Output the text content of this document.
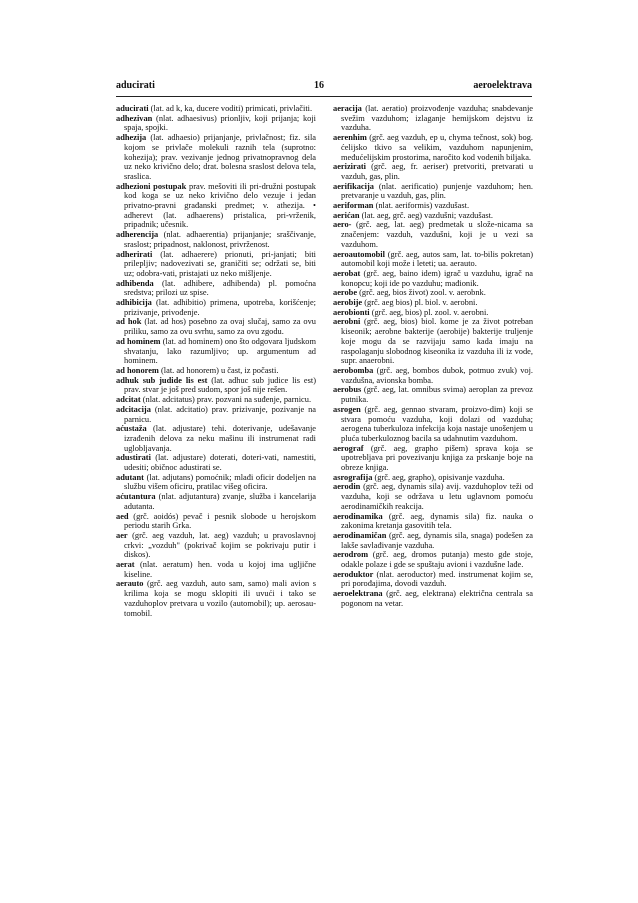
aducirati	16	aeroelektrava

aducirati (lat. ad k, ka, ducere voditi) primicati, privlačiti.

adhezivan (nlat. adhaesivus) prionljiv, koji prijanja; koji spaja, spojki.

adhezija (lat. adhaesio) prijanjanje, privlačnost; fiz. sila kojom se privlače molekuli raznih tela (suprotno: kohezija); prav. vezivanje jednog privatnopravnog dela uz neko krivično delo; drat. bolesna sraslost delova tela, sraslica.

adhezioni postupak prav. mešoviti ili pri-družni postupak kod koga se uz neko krivično delo vezuje i jedan privatno-pravni građanski predmet; v. athezija. • adherevt (lat. adhaerens) pristalica, pri-vrženik, pripadnik; učesnik.

adherencija (nlat. adhaerentia) prijanjanje; sraščivanje, sraslost; pripadnost, naklonost, privrženost.

adherirati (lat. adhaerere) prionuti, pri-janjati; biti prilepljiv; nadovezivati se, graničiti se; održati se, biti uz; odobra-vati, pristajati uz neko mišljenje.

adhibenda (lat. adhibere, adhibenda) pl. pomoćna sredstva; prilozi uz spise.

adhibicija (lat. adhibitio) primena, upotreba, korišćenje; prizivanje, privođenje.

ad hok (lat. ad hos) posebno za ovaj slučaj, samo za ovu priliku, samo za ovu svrhu, samo za ovu zgodu.

ad hominem (lat. ad hominem) ono što odgovara ljudskom shvatanju, lako razumljivo; up. argumentum ad hominem.

ad honorem (lat. ad honorem) u čast, iz počasti.

adhuk sub judide lis est (lat. adhuc sub judice lis est) prav. stvar je još pred sudom, spor još nije rešen.

adcitat (nlat. adcitatus) prav. pozvani na suđenje, parnicu.

adcitacija (nlat. adcitatio) prav. prizivanje, pozivanje na parnicu.

aćustaža (lat. adjustare) tehi. doterivanje, udešavanje izrađenih delova za neku mašinu ili instrumenat radi ugloblјavanja.

adustirati (lat. adjustare) doterati, doteri-vati, namestiti, udesiti; običnoc adustirati se.

adutant (lat. adjutans) pomoćnik; mlađi oficir dodeljen na službu višem oficiru, pratilac višeg oficira.

aćutantura (nlat. adjutantura) zvanje, služba i kancelarija adutanta.

aed (grč. aoidós) pevač i pesnik slobode u herojskom periodu starih Grka.

aer (grč. aeg vazduh, lat. aeg) vazduh; u pravoslavnoj crkvi: „vozduh" (pokrivač kojim se pokrivaju putir i diskos).

aerat (nlat. aeratum) hen. voda u kojoj ima ugljične kiseline.

aerauto (grč. aeg vazduh, auto sam, samo) mali avion s krilima koja se mogu sklopiti ili uvući i tako se vazduhoplov pretvara u vozilo (automobil); up. aerosau-tomobil.

aeracija (lat. aeratio) proizvođenje vazduha; snabdevanje svežim vazduhom; izlaganje hemijskom dejstvu iz vazduha.

aerenhim (grč. aeg vazduh, ep u, chyma tečnost, sok) bog. ćelijsko tkivo sa velikim, vazduhom napunjenim, međućelijskim prostorima, naročito kod vodenih biljaka.

aerizirati (grč. aeg, fr. aeriser) pretvoriti, pretvarati u vazduh, gas, plin.

aerifikacija (nlat. aerificatio) punjenje vazduhom; hen. pretvaranje u vazduh, gas, plin.

aeriforman (nlat. aeriformis) vazdušast.

aerićan (lat. aeg, grč. aeg) vazdušni; vazdušast.

aero- (grč. aeg, lat. aeg) predmetak u slože-nicama sa značenjem: vazduh, vazdušni, koji je u vezi sa vazduhom.

aeroautomobil (grč. aeg, autos sam, lat. to-bilis pokretan) automobil koji može i leteti; ua. aerauto.

aerobat (grč. aeg, baino idem) igrač u vazduhu, igrač na konopcu; koji ide po vazduhu; mađionik.

aerobe (grč. aeg, bios život) zool. v. aerobnk.

aerobije (grč. aeg bios) pl. biol. v. aerobni.

aerobionti (grč. aeg, bios) pl. zool. v. aerobni.

aerobni (grč. aeg, bios) biol. kome je za život potreban kiseonik; aerobne bakterije (aerobije) bakterije truljenje koje mogu da se razvijaju samo kada imaju na raspolaganju slobodnog kiseonika iz vazduha ili iz vode, supr. anaerobni.

aerobomba (grč. aeg, bombos dubok, potmuo zvuk) voj. vazdušna, avionska bomba.

aerobus (grč. aeg, lat. omnibus svima) aeroplan za prevoz putnika.

asrogen (grč. aeg, gennao stvaram, proizvo-dim) koji se stvara pomoću vazduha, koji dolazi od vazduha; aerogena tuberkuloza infekcija koja nastaje unošenjem u pluća tuberkuloznog bacila sa udahnutim vazduhom.

aerograf (grč. aeg, grapho pišem) sprava koja se upotrebljava pri povezivanju knjiga za prskanje boje na obreze knjiga.

asrografija (grč. aeg, grapho), opisivanje vazduha.

aerodin (grč. aeg, dynamis sila) avij. vazduhoplov teži od vazduha, koji se održava u letu uglavnom pomoću aerodinamičkih reakcija.

aerodinamika (grč. aeg, dynamis sila) fiz. nauka o zakonima kretanja gasovitih tela.

aerodinamičan (grč. aeg, dynamis sila, snaga) podešen za lakše savlađivanje vazduha.

aerodrom (grč. aeg, dromos putanja) mesto gde stoje, odakle polaze i gde se spuštaju avioni i vazdušne lađe.

aeroduktor (nlat. aeroductor) med. instrumenat kojim se, pri porođajima, dovodi vazduh.

aeroelektrana (grč. aeg, elektrana) električna centrala sa pogonom na vetar.
